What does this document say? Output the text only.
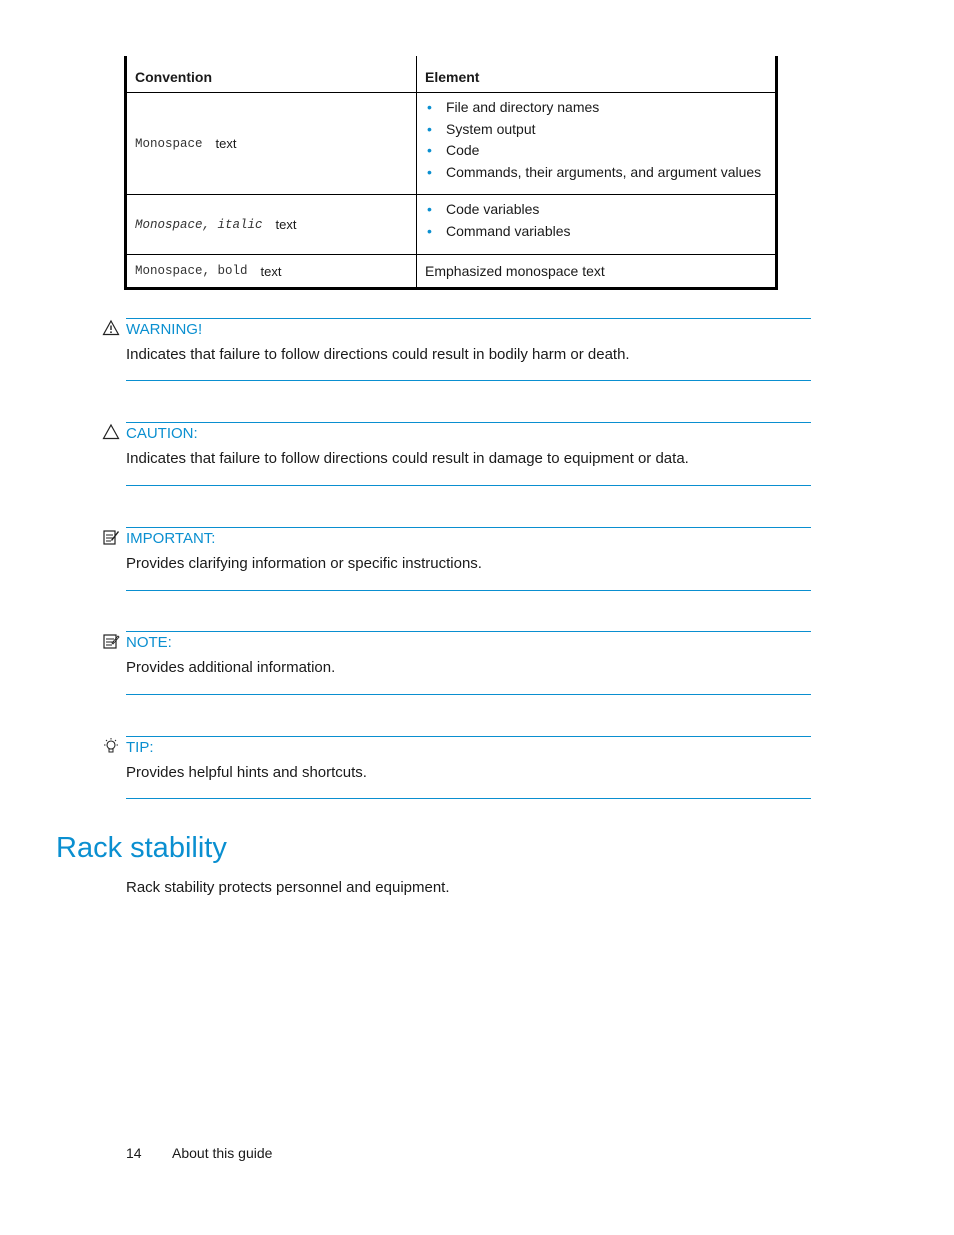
Convention	Element
Monospace text
• File and directory names
• System output
• Code
• Commands, their arguments, and argument values
Monospace, italic text
• Code variables
• Command variables
Monospace, bold text	Emphasized monospace text
WARNING!
Indicates that failure to follow directions could result in bodily harm or death.
CAUTION:
Indicates that failure to follow directions could result in damage to equipment or data.
IMPORTANT:
Provides clarifying information or specific instructions.
NOTE:
Provides additional information.
TIP:
Provides helpful hints and shortcuts.
Rack stability
Rack stability protects personnel and equipment.
14 About this guide
